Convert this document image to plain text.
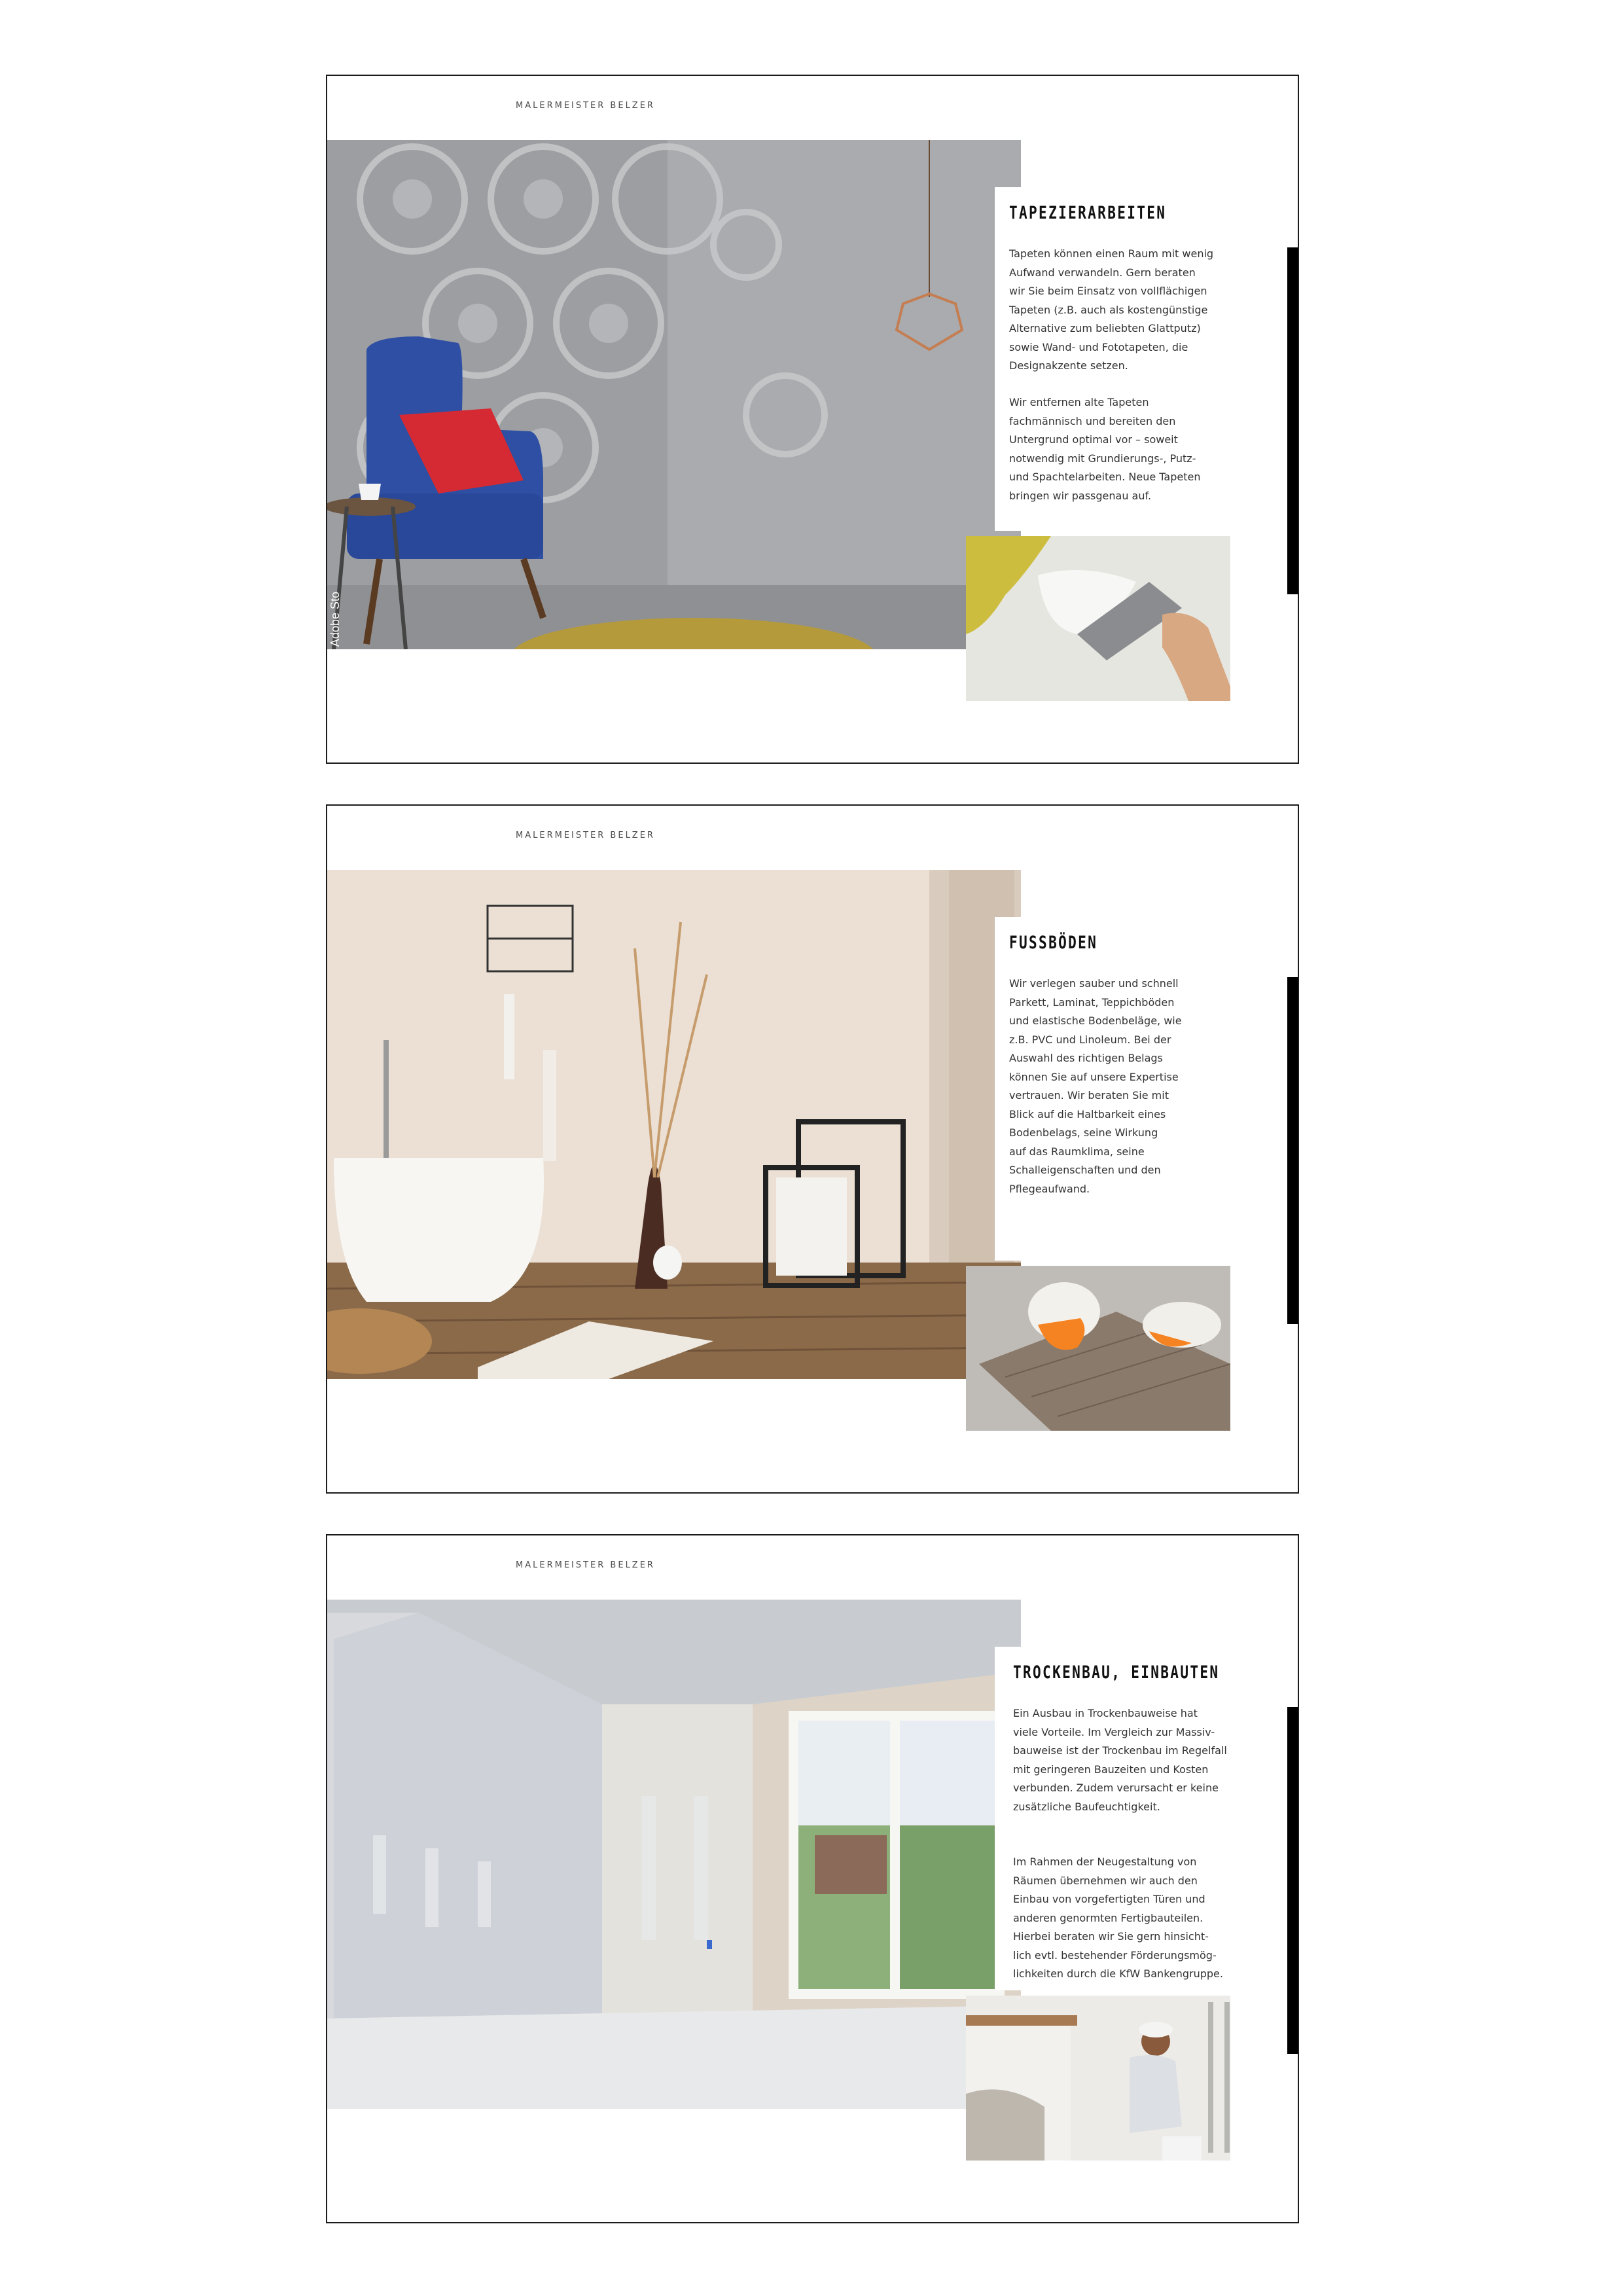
MALERMEISTER BELZER
Adobe Sto
TAPEZIERARBEITEN

Tapeten können einen Raum mit wenig
Aufwand verwandeln. Gern beraten
wir Sie beim Einsatz von vollflächigen
Tapeten (z.B. auch als kostengünstige
Alternative zum beliebten Glattputz)
sowie Wand- und Fototapeten, die
Designakzente setzen.

Wir entfernen alte Tapeten
fachmännisch und bereiten den
Untergrund optimal vor – soweit
notwendig mit Grundierungs-, Putz-
und Spachtelarbeiten. Neue Tapeten
bringen wir passgenau auf.

MALERMEISTER BELZER
FUSSBÖDEN

Wir verlegen sauber und schnell
Parkett, Laminat, Teppichböden
und elastische Bodenbeläge, wie
z.B. PVC und Linoleum. Bei der
Auswahl des richtigen Belags
können Sie auf unsere Expertise
vertrauen. Wir beraten Sie mit
Blick auf die Haltbarkeit eines
Bodenbelags, seine Wirkung
auf das Raumklima, seine
Schalleigenschaften und den
Pflegeaufwand.

MALERMEISTER BELZER
TROCKENBAU, EINBAUTEN

Ein Ausbau in Trockenbauweise hat
viele Vorteile. Im Vergleich zur Massiv-
bauweise ist der Trockenbau im Regelfall
mit geringeren Bauzeiten und Kosten
verbunden. Zudem verursacht er keine
zusätzliche Baufeuchtigkeit.

Im Rahmen der Neugestaltung von
Räumen übernehmen wir auch den
Einbau von vorgefertigten Türen und
anderen genormten Fertigbauteilen.
Hierbei beraten wir Sie gern hinsicht-
lich evtl. bestehender Förderungsmög-
lichkeiten durch die KfW Bankengruppe.
